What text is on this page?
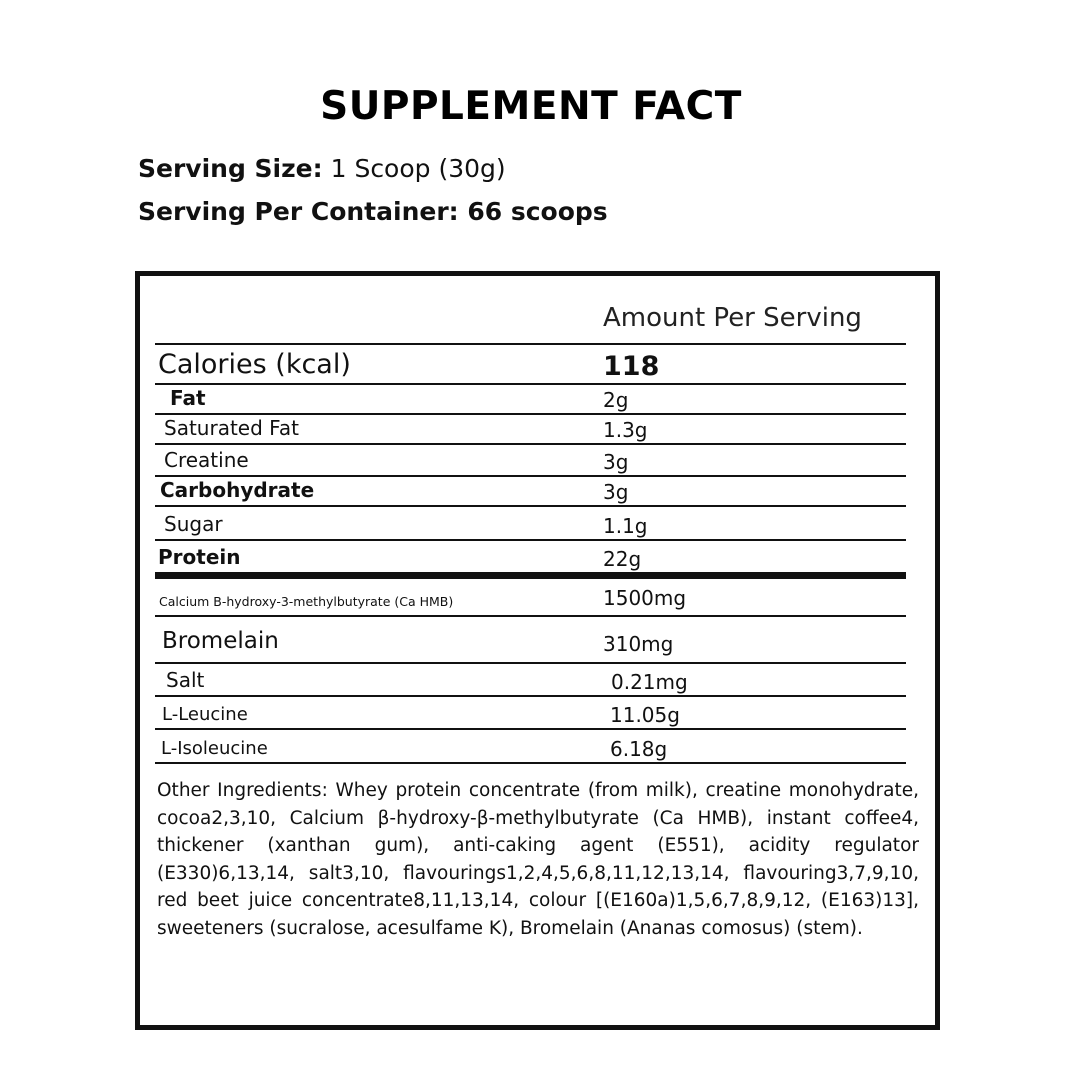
SUPPLEMENT FACT
Serving Size: 1 Scoop (30g)
Serving Per Container: 66 scoops
Amount Per Serving
Calories (kcal)	118
Fat	2g
Saturated Fat	1.3g
Creatine	3g
Carbohydrate	3g
Sugar	1.1g
Protein	22g
Calcium B-hydroxy-3-methylbutyrate (Ca HMB)	1500mg
Bromelain	310mg
Salt	0.21mg
L-Leucine	11.05g
L-Isoleucine	6.18g
Other Ingredients: Whey protein concentrate (from milk), creatine monohydrate, cocoa2,3,10, Calcium β-hydroxy-β-methylbutyrate (Ca HMB), instant coffee4, thickener (xanthan gum), anti-caking agent (E551), acidity regulator (E330)6,13,14, salt3,10, flavourings1,2,4,5,6,8,11,12,13,14, flavouring3,7,9,10, red beet juice concentrate8,11,13,14, colour [(E160a)1,5,6,7,8,9,12, (E163)13], sweeteners (sucralose, acesulfame K), Bromelain (Ananas comosus) (stem).
